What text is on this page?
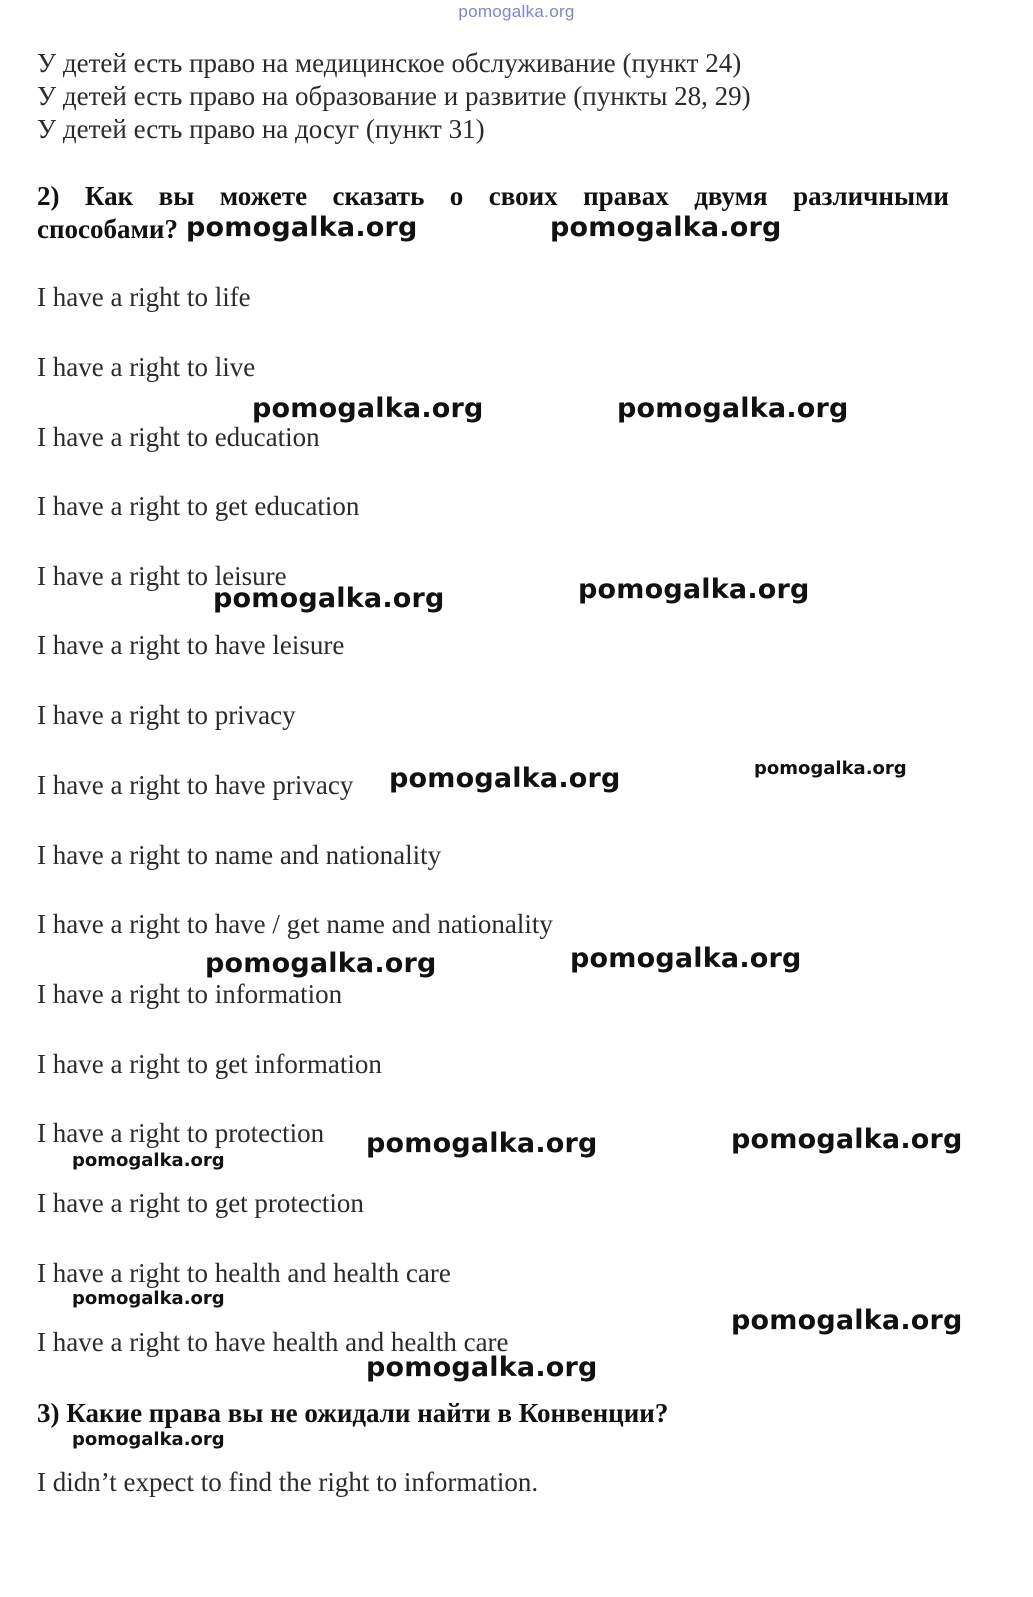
pomogalka.org
У детей есть право на медицинское обслуживание (пункт 24)
У детей есть право на образование и развитие (пункты 28, 29)
У детей есть право на досуг (пункт 31)
2) Как вы можете сказать о своих правах двумя различными
способами?
I have a right to life
I have a right to live
I have a right to education
I have a right to get education
I have a right to leisure
I have a right to have leisure
I have a right to privacy
I have a right to have privacy
I have a right to name and nationality
I have a right to have / get name and nationality
I have a right to information
I have a right to get information
I have a right to protection
I have a right to get protection
I have a right to health and health care
I have a right to have health and health care
3) Какие права вы не ожидали найти в Конвенции?
I didn’t expect to find the right to information.
pomogalka.org	pomogalka.org
pomogalka.org	pomogalka.org
pomogalka.org	pomogalka.org
pomogalka.org	pomogalka.org
pomogalka.org	pomogalka.org
pomogalka.org	pomogalka.org
pomogalka.org
pomogalka.org
pomogalka.org
pomogalka.org
pomogalka.org
